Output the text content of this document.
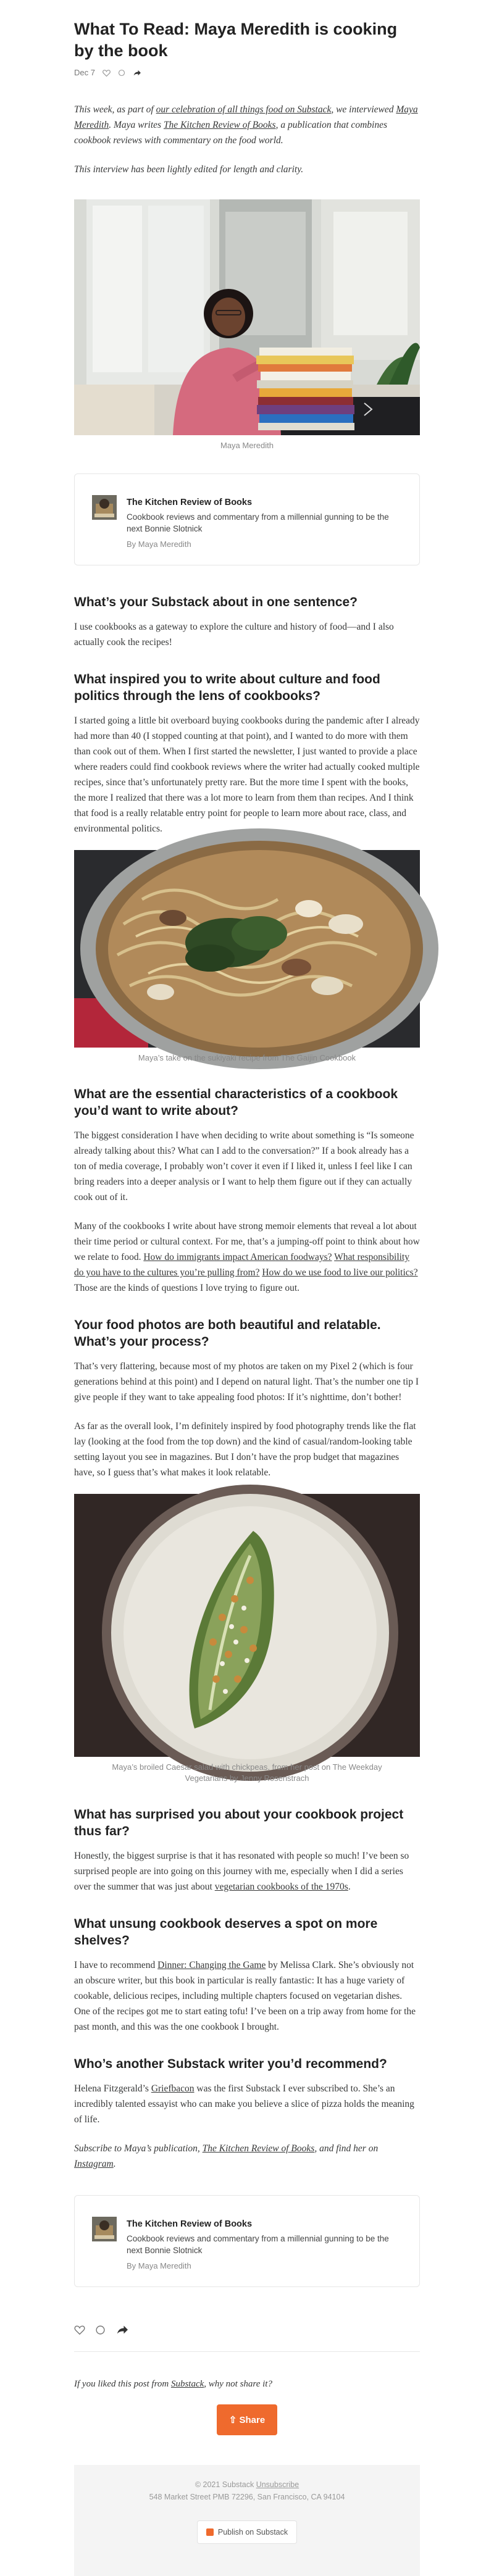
What To Read: Maya Meredith is cooking by the book
Dec 7

This week, as part of our celebration of all things food on Substack, we interviewed Maya Meredith. Maya writes The Kitchen Review of Books, a publication that combines cookbook reviews with commentary on the food world.

This interview has been lightly edited for length and clarity.

Maya Meredith
The Kitchen Review of Books
Cookbook reviews and commentary from a millennial gunning to be the next Bonnie Slotnick
By Maya Meredith
What’s your Substack about in one sentence?

I use cookbooks as a gateway to explore the culture and history of food—and I also actually cook the recipes!

What inspired you to write about culture and food politics through the lens of cookbooks?

I started going a little bit overboard buying cookbooks during the pandemic after I already had more than 40 (I stopped counting at that point), and I wanted to do more with them than cook out of them. When I first started the newsletter, I just wanted to provide a place where readers could find cookbook reviews where the writer had actually cooked multiple recipes, since that’s unfortunately pretty rare. But the more time I spent with the books, the more I realized that there was a lot more to learn from them than recipes. And I think that food is a really relatable entry point for people to learn more about race, class, and environmental politics.

Maya’s take on the sukiyaki recipe from The Gaijin Cookbook
What are the essential characteristics of a cookbook you’d want to write about?

The biggest consideration I have when deciding to write about something is “Is someone already talking about this? What can I add to the conversation?” If a book already has a ton of media coverage, I probably won’t cover it even if I liked it, unless I feel like I can bring readers into a deeper analysis or I want to help them figure out if they can actually cook out of it.

Many of the cookbooks I write about have strong memoir elements that reveal a lot about their time period or cultural context. For me, that’s a jumping-off point to think about how we relate to food. How do immigrants impact American foodways? What responsibility do you have to the cultures you’re pulling from? How do we use food to live our politics? Those are the kinds of questions I love trying to figure out.

Your food photos are both beautiful and relatable. What’s your process?

That’s very flattering, because most of my photos are taken on my Pixel 2 (which is four generations behind at this point) and I depend on natural light. That’s the number one tip I give people if they want to take appealing food photos: If it’s nighttime, don’t bother!

As far as the overall look, I’m definitely inspired by food photography trends like the flat lay (looking at the food from the top down) and the kind of casual/random-looking table setting layout you see in magazines. But I don’t have the prop budget that magazines have, so I guess that’s what makes it look relatable.

Maya’s broiled Caesar salad with chickpeas, from her post on The Weekday Vegetarians by Jenny Rosenstrach
What has surprised you about your cookbook project thus far?

Honestly, the biggest surprise is that it has resonated with people so much! I’ve been so surprised people are into going on this journey with me, especially when I did a series over the summer that was just about vegetarian cookbooks of the 1970s.

What unsung cookbook deserves a spot on more shelves?

I have to recommend Dinner: Changing the Game by Melissa Clark. She’s obviously not an obscure writer, but this book in particular is really fantastic: It has a huge variety of cookable, delicious recipes, including multiple chapters focused on vegetarian dishes. One of the recipes got me to start eating tofu! I’ve been on a trip away from home for the past month, and this was the one cookbook I brought.

Who’s another Substack writer you’d recommend?

Helena Fitzgerald’s Griefbacon was the first Substack I ever subscribed to. She’s an incredibly talented essayist who can make you believe a slice of pizza holds the meaning of life.

Subscribe to Maya’s publication, The Kitchen Review of Books, and find her on Instagram.

The Kitchen Review of Books
Cookbook reviews and commentary from a millennial gunning to be the next Bonnie Slotnick
By Maya Meredith

If you liked this post from Substack, why not share it?

⇧ Share
© 2021 Substack Unsubscribe
548 Market Street PMB 72296, San Francisco, CA 94104
Publish on Substack
